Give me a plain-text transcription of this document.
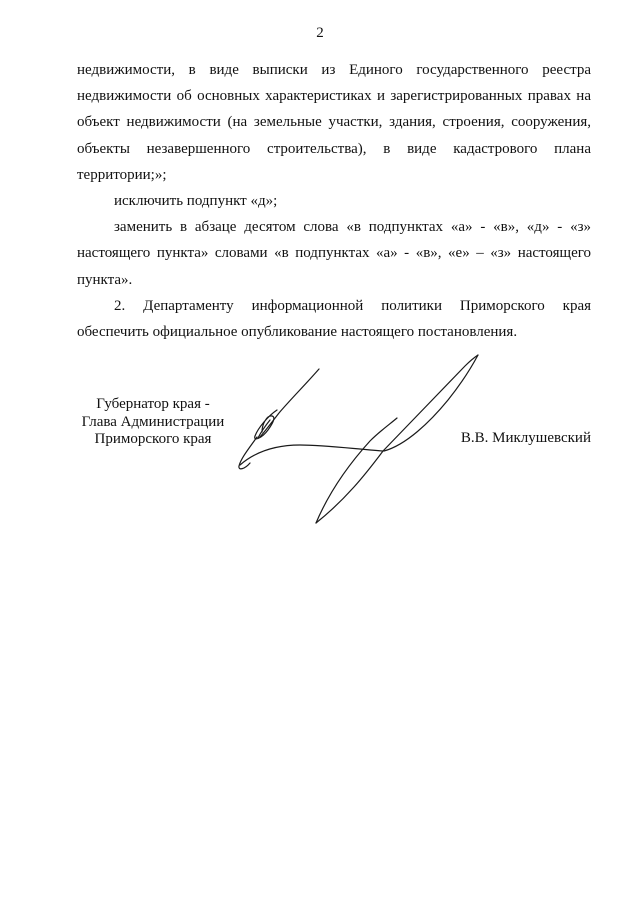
2

недвижимости, в виде выписки из Единого государственного реестра недвижимости об основных характеристиках и зарегистрированных правах на объект недвижимости (на земельные участки, здания, строения, сооружения, объекты незавершенного строительства), в виде кадастрового плана территории;»;

исключить подпункт «д»;

заменить в абзаце десятом слова «в подпунктах «а» - «в», «д» - «з» настоящего пункта» словами «в подпунктах «а» - «в», «е» – «з» настоящего пункта».

2. Департаменту информационной политики Приморского края обеспечить официальное опубликование настоящего постановления.

Губернатор края -
Глава Администрации
Приморского края	В.В. Миклушевский
